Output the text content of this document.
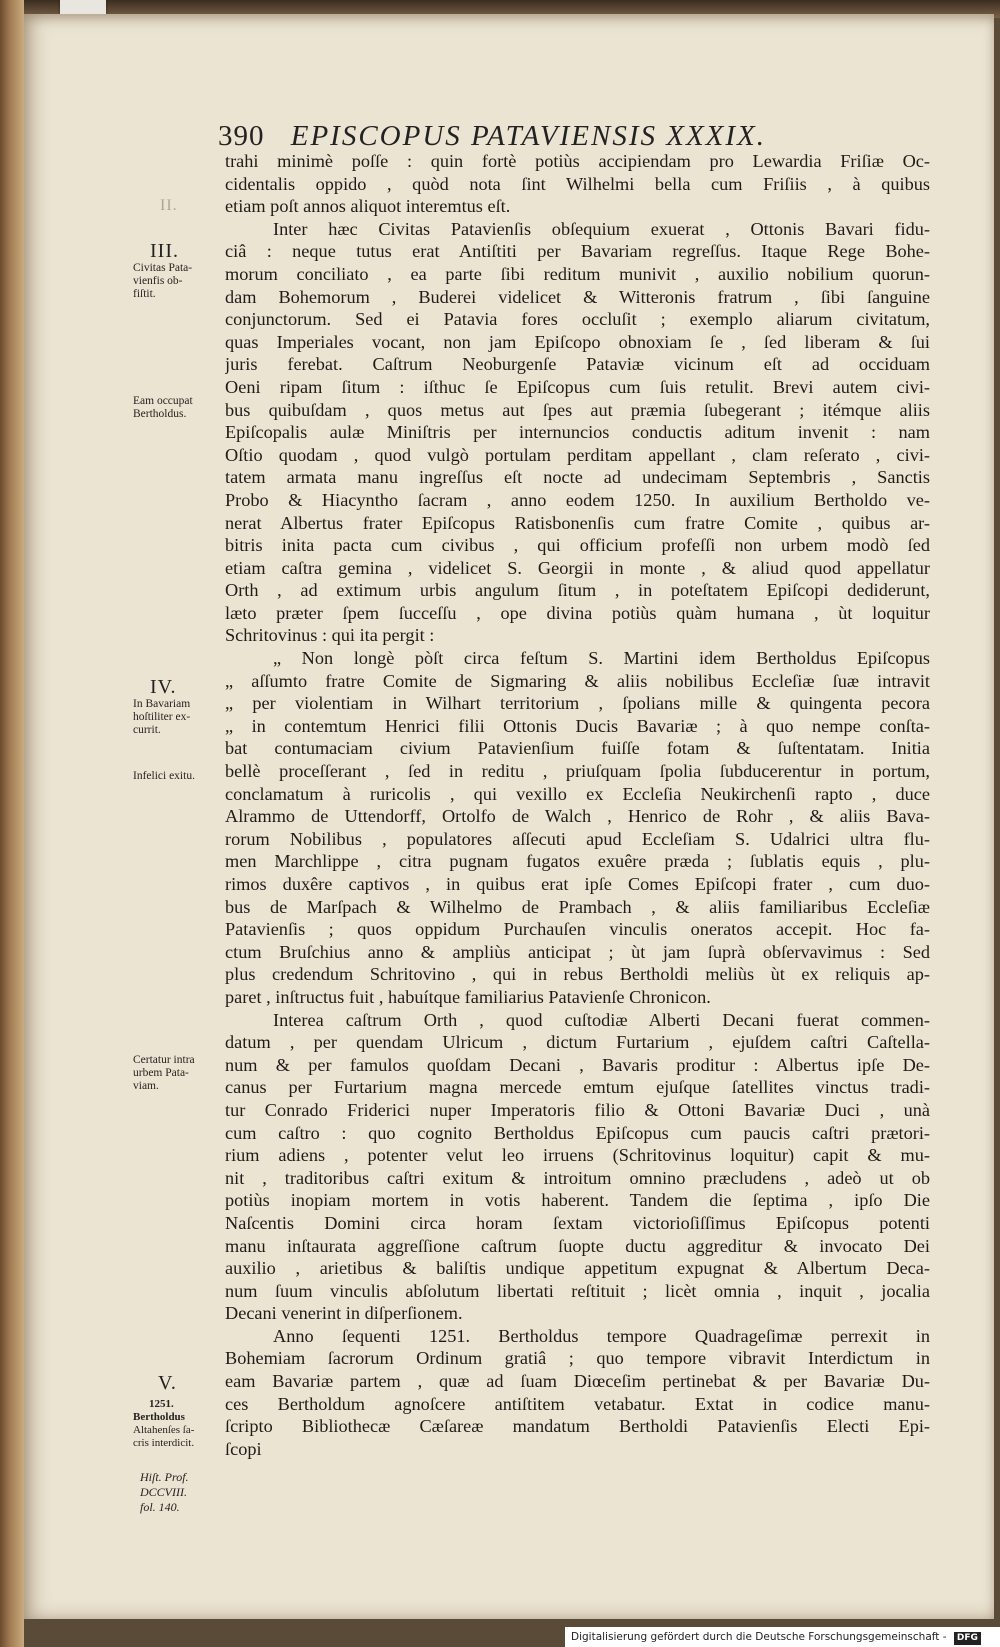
390 EPISCOPUS PATAVIENSIS XXXIX.
II.
III.
IV.
V.
Civitas Pata-
vienfis ob-
fiſtit.
Eam occupat
Bertholdus.
In Bavariam
hoſtiliter ex-
currit.
Infelici exitu.
Certatur intra
urbem Pata-
viam.
1251.
Bertholdus
Altahenſes ſa-
cris interdicit.
Hiſt. Prof.
DCCVIII.
fol. 140.
trahi minimè poſſe : quin fortè potiùs accipiendam pro Lewardia Friſiæ Oc-
cidentalis oppido , quòd nota ſint Wilhelmi bella cum Friſiis , à quibus
etiam poſt annos aliquot interemtus eſt.
Inter hæc Civitas Patavienſis obſequium exuerat , Ottonis Bavari fidu-
ciâ : neque tutus erat Antiſtiti per Bavariam regreſſus. Itaque Rege Bohe-
morum conciliato , ea parte ſibi reditum munivit , auxilio nobilium quorun-
dam Bohemorum , Buderei videlicet & Witteronis fratrum , ſibi ſanguine
conjunctorum. Sed ei Patavia fores occluſit ; exemplo aliarum civitatum,
quas Imperiales vocant, non jam Epiſcopo obnoxiam ſe , ſed liberam & ſui
juris ferebat. Caſtrum Neoburgenſe Pataviæ vicinum eſt ad occiduam
Oeni ripam ſitum : iſthuc ſe Epiſcopus cum ſuis retulit. Brevi autem civi-
bus quibuſdam , quos metus aut ſpes aut præmia ſubegerant ; itémque aliis
Epiſcopalis aulæ Miniſtris per internuncios conductis aditum invenit : nam
Oſtio quodam , quod vulgò portulam perditam appellant , clam reſerato , civi-
tatem armata manu ingreſſus eſt nocte ad undecimam Septembris , Sanctis
Probo & Hiacyntho ſacram , anno eodem 1250. In auxilium Bertholdo ve-
nerat Albertus frater Epiſcopus Ratisbonenſis cum fratre Comite , quibus ar-
bitris inita pacta cum civibus , qui officium profeſſi non urbem modò ſed
etiam caſtra gemina , videlicet S. Georgii in monte , & aliud quod appellatur
Orth , ad extimum urbis angulum ſitum , in poteſtatem Epiſcopi dediderunt,
læto præter ſpem ſucceſſu , ope divina potiùs quàm humana , ùt loquitur
Schritovinus : qui ita pergit :
„ Non longè pòſt circa feſtum S. Martini idem Bertholdus Epiſcopus
„ aſſumto fratre Comite de Sigmaring & aliis nobilibus Eccleſiæ ſuæ intravit
„ per violentiam in Wilhart territorium , ſpolians mille & quingenta pecora
„ in contemtum Henrici filii Ottonis Ducis Bavariæ ; à quo nempe conſta-
bat contumaciam civium Patavienſium fuiſſe fotam & ſuſtentatam. Initia
bellè proceſſerant , ſed in reditu , priuſquam ſpolia ſubducerentur in portum,
conclamatum à ruricolis , qui vexillo ex Eccleſia Neukirchenſi rapto , duce
Alrammo de Uttendorff, Ortolfo de Walch , Henrico de Rohr , & aliis Bava-
rorum Nobilibus , populatores aſſecuti apud Eccleſiam S. Udalrici ultra flu-
men Marchlippe , citra pugnam fugatos exuêre præda ; ſublatis equis , plu-
rimos duxêre captivos , in quibus erat ipſe Comes Epiſcopi frater , cum duo-
bus de Marſpach & Wilhelmo de Prambach , & aliis familiaribus Eccleſiæ
Patavienſis ; quos oppidum Purchauſen vinculis oneratos accepit. Hoc fa-
ctum Bruſchius anno & ampliùs anticipat ; ùt jam ſuprà obſervavimus : Sed
plus credendum Schritovino , qui in rebus Bertholdi meliùs ùt ex reliquis ap-
paret , inſtructus fuit , habuítque familiarius Patavienſe Chronicon.
Interea caſtrum Orth , quod cuſtodiæ Alberti Decani fuerat commen-
datum , per quendam Ulricum , dictum Furtarium , ejuſdem caſtri Caſtella-
num & per famulos quoſdam Decani , Bavaris proditur : Albertus ipſe De-
canus per Furtarium magna mercede emtum ejuſque ſatellites vinctus tradi-
tur Conrado Friderici nuper Imperatoris filio & Ottoni Bavariæ Duci , unà
cum caſtro : quo cognito Bertholdus Epiſcopus cum paucis caſtri prætori-
rium adiens , potenter velut leo irruens (Schritovinus loquitur) capit & mu-
nit , traditoribus caſtri exitum & introitum omnino præcludens , adeò ut ob
potiùs inopiam mortem in votis haberent. Tandem die ſeptima , ipſo Die
Naſcentis Domini circa horam ſextam victorioſiſſimus Epiſcopus potenti
manu inſtaurata aggreſſione caſtrum ſuopte ductu aggreditur & invocato Dei
auxilio , arietibus & baliſtis undique appetitum expugnat & Albertum Deca-
num ſuum vinculis abſolutum libertati reſtituit ; licèt omnia , inquit , jocalia
Decani venerint in diſperſionem.
Anno ſequenti 1251. Bertholdus tempore Quadrageſimæ perrexit in
Bohemiam ſacrorum Ordinum gratiâ ; quo tempore vibravit Interdictum in
eam Bavariæ partem , quæ ad ſuam Diœceſim pertinebat & per Bavariæ Du-
ces Bertholdum agnoſcere antiſtitem vetabatur. Extat in codice manu-
ſcripto Bibliothecæ Cæſareæ mandatum Bertholdi Patavienſis Electi Epi-
ſcopi
Digitalisierung gefördert durch die Deutsche Forschungsgemeinschaft - DFG
